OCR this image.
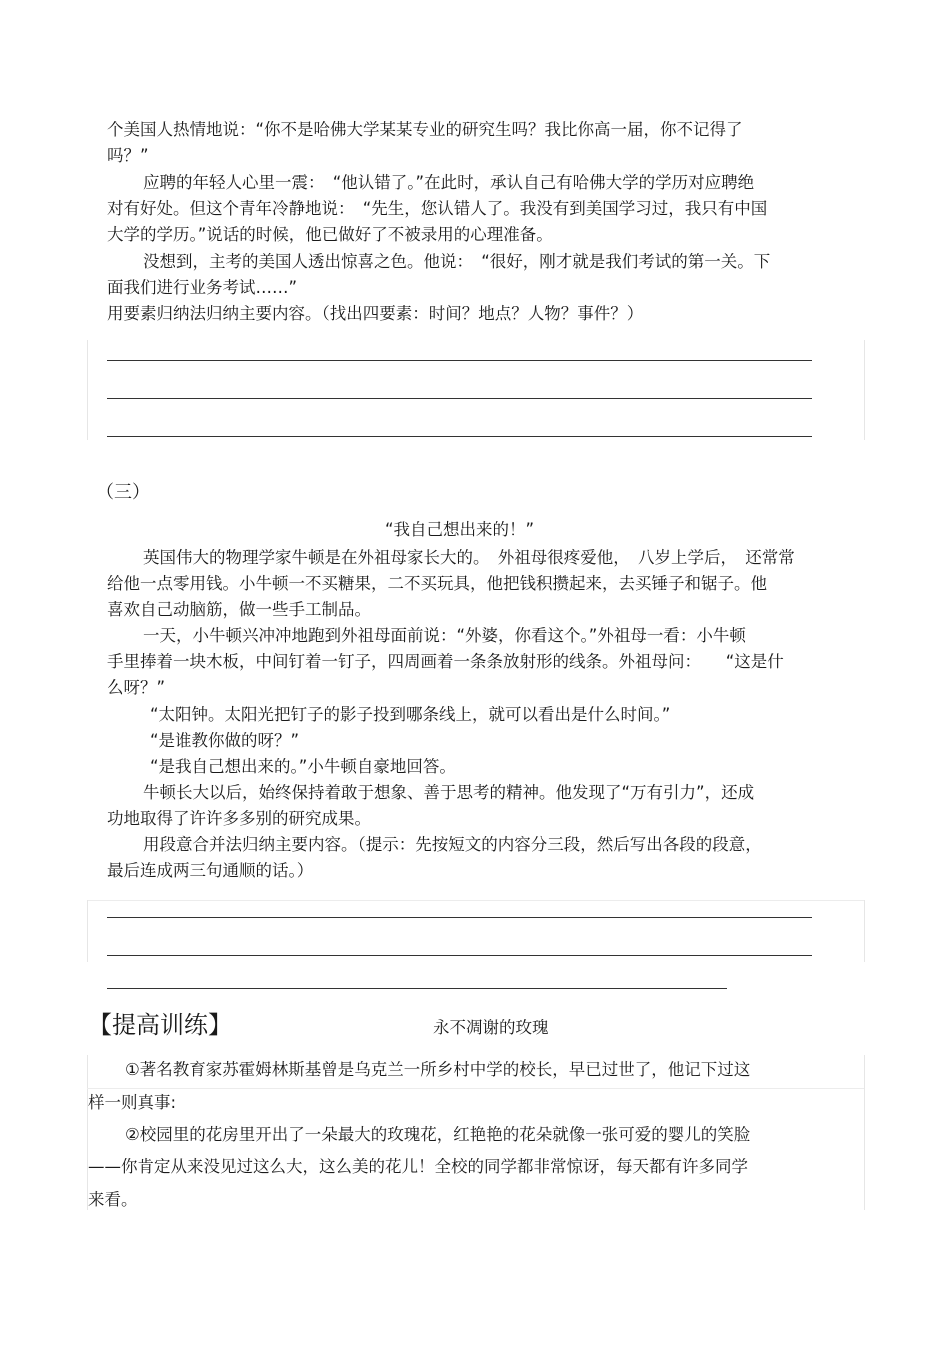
个美国人热情地说：“你不是哈佛大学某某专业的研究生吗？我比你高一届，你不记得了
吗？”
应聘的年轻人心里一震：　“他认错了。”在此时，承认自己有哈佛大学的学历对应聘绝
对有好处。但这个青年冷静地说：　“先生，您认错人了。我没有到美国学习过，我只有中国
大学的学历。”说话的时候，他已做好了不被录用的心理准备。
没想到，主考的美国人透出惊喜之色。他说：　“很好，刚才就是我们考试的第一关。下
面我们进行业务考试……”
用要素归纳法归纳主要内容。（找出四要素：时间？地点？人物？事件？）
（三）
“我自己想出来的！”
英国伟大的物理学家牛顿是在外祖母家长大的。　外祖母很疼爱他，　八岁上学后，　还常常
给他一点零用钱。小牛顿一不买糖果，二不买玩具，他把钱积攒起来，去买锤子和锯子。他
喜欢自己动脑筋，做一些手工制品。
一天，小牛顿兴冲冲地跑到外祖母面前说：“外婆，你看这个。”外祖母一看：小牛顿
手里捧着一块木板，中间钉着一钉子，四周画着一条条放射形的线条。外祖母问：　　“这是什
么呀？”
“太阳钟。太阳光把钉子的影子投到哪条线上，就可以看出是什么时间。”
“是谁教你做的呀？”
“是我自己想出来的。”小牛顿自豪地回答。
牛顿长大以后，始终保持着敢于想象、善于思考的精神。他发现了“万有引力”，还成
功地取得了许许多多别的研究成果。
用段意合并法归纳主要内容。（提示：先按短文的内容分三段，然后写出各段的段意，
最后连成两三句通顺的话。）
【提高训练】	永不凋谢的玫瑰
①著名教育家苏霍姆林斯基曾是乌克兰一所乡村中学的校长，早已过世了，他记下过这
样一则真事:
②校园里的花房里开出了一朵最大的玫瑰花，红艳艳的花朵就像一张可爱的婴儿的笑脸
——你肯定从来没见过这么大，这么美的花儿！全校的同学都非常惊讶，每天都有许多同学
来看。
